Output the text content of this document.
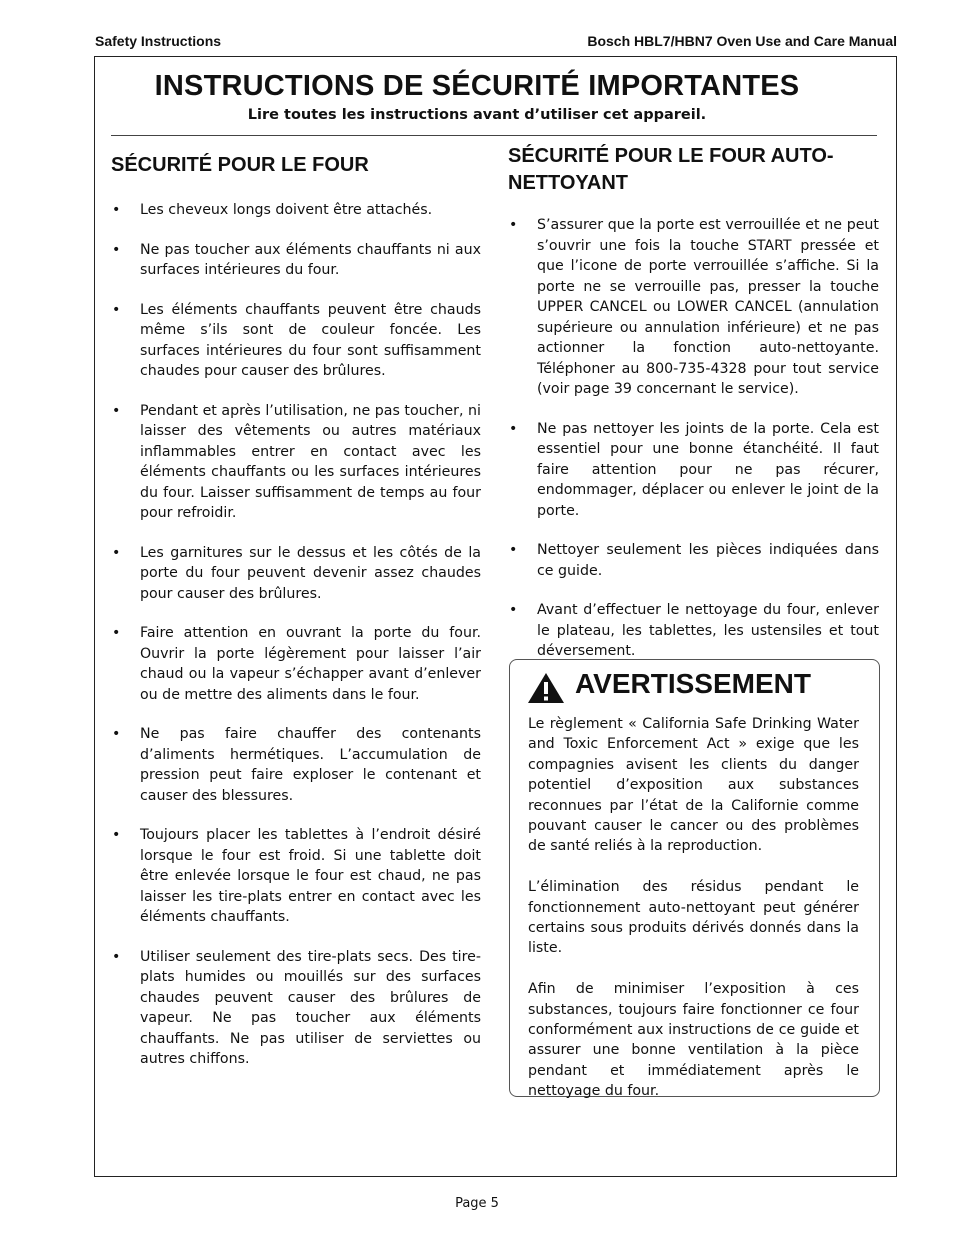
Safety Instructions	Bosch HBL7/HBN7 Oven Use and Care Manual
INSTRUCTIONS DE SÉCURITÉ IMPORTANTES
Lire toutes les instructions avant d’utiliser cet appareil.
SÉCURITÉ POUR LE FOUR
• Les cheveux longs doivent être attachés.
• Ne pas toucher aux éléments chauffants ni aux surfaces intérieures du four.
• Les éléments chauffants peuvent être chauds même s’ils sont de couleur foncée. Les surfaces intérieures du four sont suffisamment chaudes pour causer des brûlures.
• Pendant et après l’utilisation, ne pas toucher, ni laisser des vêtements ou autres matériaux inflammables entrer en contact avec les éléments chauffants ou les surfaces intérieures du four. Laisser suffisamment de temps au four pour refroidir.
• Les garnitures sur le dessus et les côtés de la porte du four peuvent devenir assez chaudes pour causer des brûlures.
• Faire attention en ouvrant la porte du four. Ouvrir la porte légèrement pour laisser l’air chaud ou la vapeur s’échapper avant d’enlever ou de mettre des aliments dans le four.
• Ne pas faire chauffer des contenants d’aliments hermétiques. L’accumulation de pression peut faire exploser le contenant et causer des blessures.
• Toujours placer les tablettes à l’endroit désiré lorsque le four est froid. Si une tablette doit être enlevée lorsque le four est chaud, ne pas laisser les tire-plats entrer en contact avec les éléments chauffants.
• Utiliser seulement des tire-plats secs. Des tire-plats humides ou mouillés sur des surfaces chaudes peuvent causer des brûlures de vapeur. Ne pas toucher aux éléments chauffants. Ne pas utiliser de serviettes ou autres chiffons.
SÉCURITÉ POUR LE FOUR AUTO-
NETTOYANT
• S’assurer que la porte est verrouillée et ne peut s’ouvrir une fois la touche START pressée et que l’icone de porte verrouillée s’affiche. Si la porte ne se verrouille pas, presser la touche UPPER CANCEL ou LOWER CANCEL (annulation supérieure ou annulation inférieure) et ne pas actionner la fonction auto-nettoyante. Téléphoner au 800-735-4328 pour tout service (voir page 39 concernant le service).
• Ne pas nettoyer les joints de la porte. Cela est essentiel pour une bonne étanchéité. Il faut faire attention pour ne pas récurer, endommager, déplacer ou enlever le joint de la porte.
• Nettoyer seulement les pièces indiquées dans ce guide.
• Avant d’effectuer le nettoyage du four, enlever le plateau, les tablettes, les ustensiles et tout déversement.
AVERTISSEMENT

Le règlement « California Safe Drinking Water and Toxic Enforcement Act » exige que les compagnies avisent les clients du danger potentiel d’exposition aux substances reconnues par l’état de la Californie comme pouvant causer le cancer ou des problèmes de santé reliés à la reproduction.

L’élimination des résidus pendant le fonctionnement auto-nettoyant peut générer certains sous produits dérivés donnés dans la liste.

Afin de minimiser l’exposition à ces substances, toujours faire fonctionner ce four conformément aux instructions de ce guide et assurer une bonne ventilation à la pièce pendant et immédiatement après le nettoyage du four.

Page 5
